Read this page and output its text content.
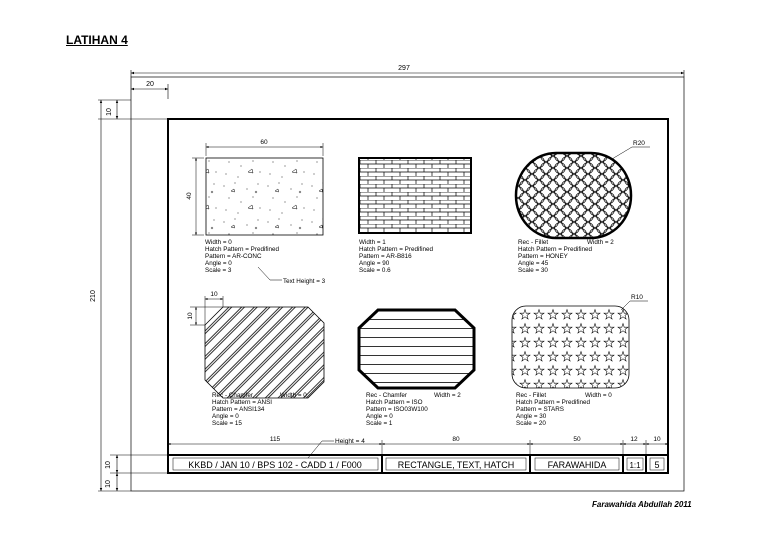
LATIHAN 4
Farawahida Abdullah 2011
297
20
10
210
10
10
60
40
R20
10
10
R10
Width = 0
Hatch Pattern = Predifined
Pattern = AR-CONC
Angle = 0
Scale = 3
Text Height = 3
Width = 1
Hatch Pattern = Predifined
Pattern = AR-B816
Angle = 90
Scale = 0.6
Rec - Fillet	Width = 2
Hatch Pattern = Predifined
Pattern = HONEY
Angle = 45
Scale = 30
Rec - Chamfer	Width = 0
Hatch Pattern = ANSI
Pattern = ANSI134
Angle = 0
Scale = 15
Rec - Chamfer	Width = 2
Hatch Pattern = ISO
Pattern = ISO03W100
Angle = 0
Scale = 1
Rec - Fillet	Width = 0
Hatch Pattern = Predifined
Pattern = STARS
Angle = 30
Scale = 20
115	80	50	12 10
Height = 4
KKBD / JAN 10 / BPS 102 - CADD 1 / F000	RECTANGLE, TEXT, HATCH	FARAWAHIDA	1:1 5
